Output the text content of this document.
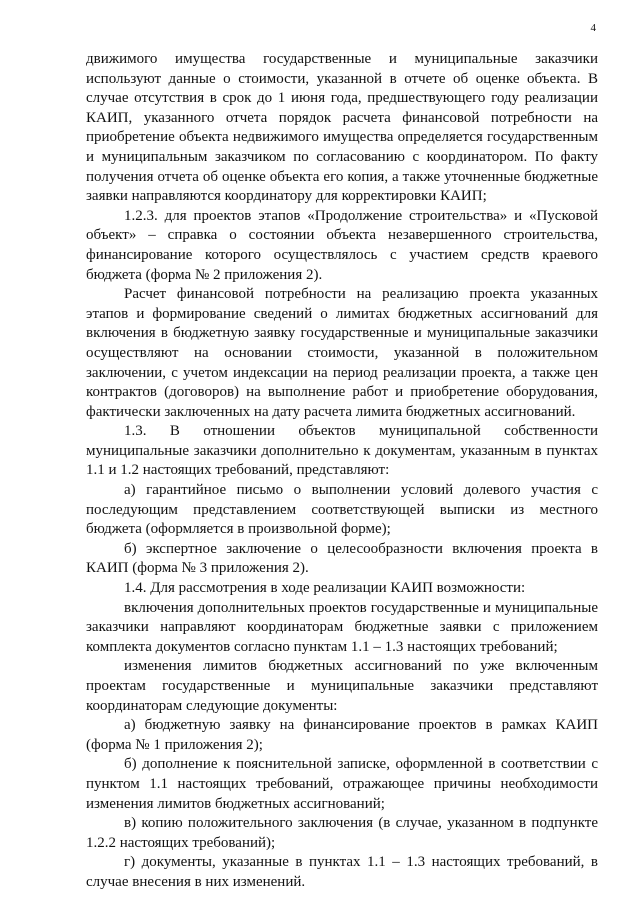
4

движимого имущества государственные и муниципальные заказчики используют данные о стоимости, указанной в отчете об оценке объекта. В случае отсутствия в срок до 1 июня года, предшествующего году реализации КАИП, указанного отчета порядок расчета финансовой потребности на приобретение объекта недвижимого имущества определяется государственным и муниципальным заказчиком по согласованию с координатором. По факту получения отчета об оценке объекта его копия, а также уточненные бюджетные заявки направляются координатору для корректировки КАИП;

1.2.3. для проектов этапов «Продолжение строительства» и «Пусковой объект» – справка о состоянии объекта незавершенного строительства, финансирование которого осуществлялось с участием средств краевого бюджета (форма № 2 приложения 2).

Расчет финансовой потребности на реализацию проекта указанных этапов и формирование сведений о лимитах бюджетных ассигнований для включения в бюджетную заявку государственные и муниципальные заказчики осуществляют на основании стоимости, указанной в положительном заключении, с учетом индексации на период реализации проекта, а также цен контрактов (договоров) на выполнение работ и приобретение оборудования, фактически заключенных на дату расчета лимита бюджетных ассигнований.

1.3. В отношении объектов муниципальной собственности муниципальные заказчики дополнительно к документам, указанным в пунктах 1.1 и 1.2 настоящих требований, представляют:

а) гарантийное письмо о выполнении условий долевого участия с последующим представлением соответствующей выписки из местного бюджета (оформляется в произвольной форме);

б) экспертное заключение о целесообразности включения проекта в КАИП (форма № 3 приложения 2).

1.4. Для рассмотрения в ходе реализации КАИП возможности:

включения дополнительных проектов государственные и муниципальные заказчики направляют координаторам бюджетные заявки с приложением комплекта документов согласно пунктам 1.1 – 1.3 настоящих требований;

изменения лимитов бюджетных ассигнований по уже включенным проектам государственные и муниципальные заказчики представляют координаторам следующие документы:

а) бюджетную заявку на финансирование проектов в рамках КАИП (форма № 1 приложения 2);

б) дополнение к пояснительной записке, оформленной в соответствии с пунктом 1.1 настоящих требований, отражающее причины необходимости изменения лимитов бюджетных ассигнований;

в) копию положительного заключения (в случае, указанном в подпункте 1.2.2 настоящих требований);

г) документы, указанные в пунктах 1.1 – 1.3 настоящих требований, в случае внесения в них изменений.
